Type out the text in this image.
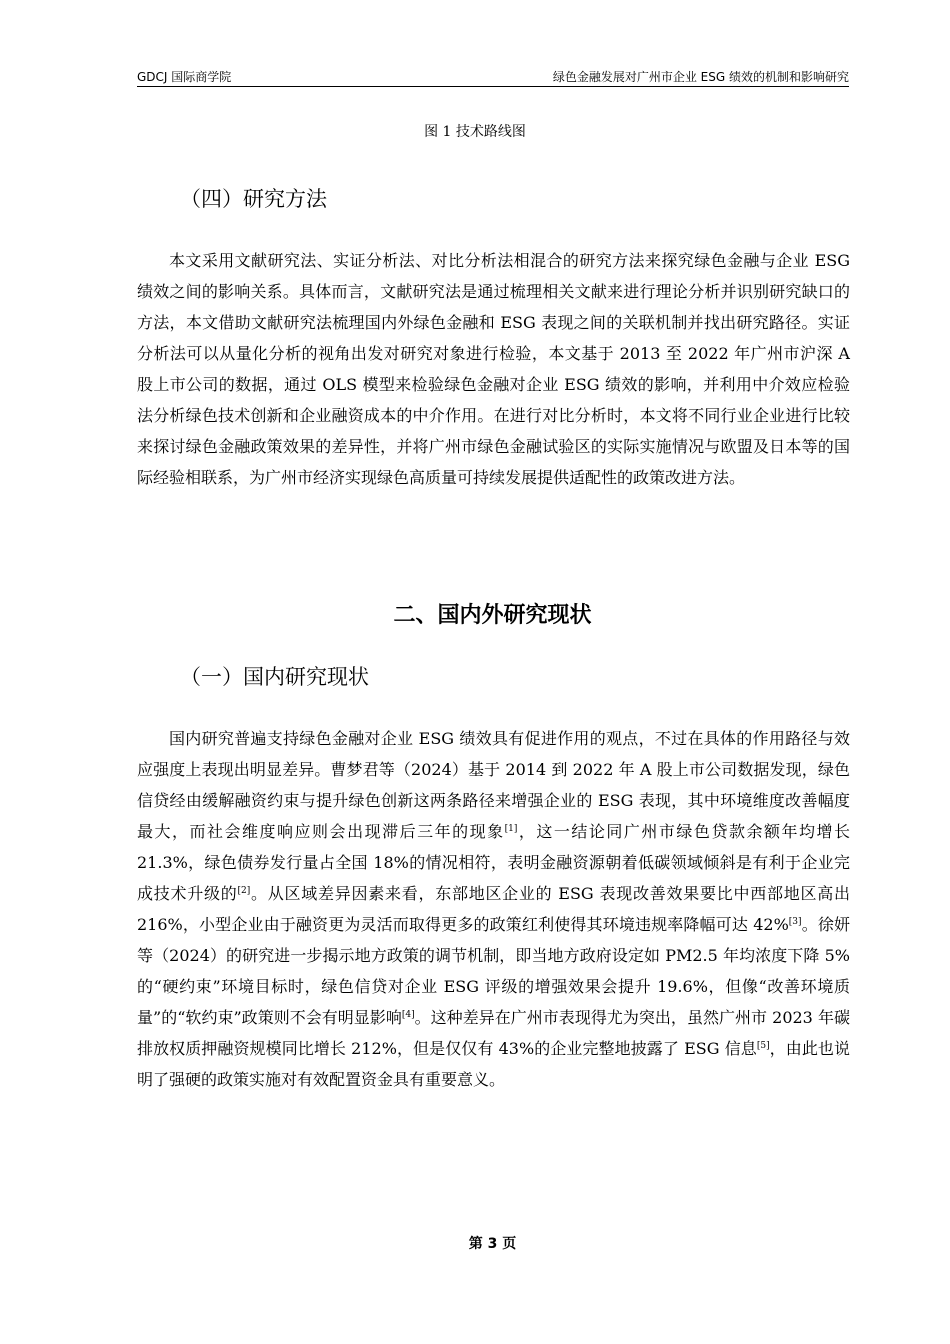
GDCJ 国际商学院	绿色金融发展对广州市企业 ESG 绩效的机制和影响研究
图 1 技术路线图
（四）研究方法
本文采用文献研究法、实证分析法、对比分析法相混合的研究方法来探究绿色金融与企业 ESG 绩效之间的影响关系。具体而言，文献研究法是通过梳理相关文献来进行理论分析并识别研究缺口的方法，本文借助文献研究法梳理国内外绿色金融和 ESG 表现之间的关联机制并找出研究路径。实证分析法可以从量化分析的视角出发对研究对象进行检验，本文基于 2013 至 2022 年广州市沪深 A 股上市公司的数据，通过 OLS 模型来检验绿色金融对企业 ESG 绩效的影响，并利用中介效应检验法分析绿色技术创新和企业融资成本的中介作用。在进行对比分析时，本文将不同行业企业进行比较来探讨绿色金融政策效果的差异性，并将广州市绿色金融试验区的实际实施情况与欧盟及日本等的国际经验相联系，为广州市经济实现绿色高质量可持续发展提供适配性的政策改进方法。
二、国内外研究现状
（一）国内研究现状
国内研究普遍支持绿色金融对企业 ESG 绩效具有促进作用的观点，不过在具体的作用路径与效应强度上表现出明显差异。曹梦君等（2024）基于 2014 到 2022 年 A 股上市公司数据发现，绿色信贷经由缓解融资约束与提升绿色创新这两条路径来增强企业的 ESG 表现，其中环境维度改善幅度最大，而社会维度响应则会出现滞后三年的现象[1]，这一结论同广州市绿色贷款余额年均增长 21.3%，绿色债券发行量占全国 18%的情况相符，表明金融资源朝着低碳领域倾斜是有利于企业完成技术升级的[2]。从区域差异因素来看，东部地区企业的 ESG 表现改善效果要比中西部地区高出 216%，小型企业由于融资更为灵活而取得更多的政策红利使得其环境违规率降幅可达 42%[3]。徐妍等（2024）的研究进一步揭示地方政策的调节机制，即当地方政府设定如 PM2.5 年均浓度下降 5%的“硬约束”环境目标时，绿色信贷对企业 ESG 评级的增强效果会提升 19.6%，但像“改善环境质量”的“软约束”政策则不会有明显影响[4]。这种差异在广州市表现得尤为突出，虽然广州市 2023 年碳排放权质押融资规模同比增长 212%，但是仅仅有 43%的企业完整地披露了 ESG 信息[5]，由此也说明了强硬的政策实施对有效配置资金具有重要意义。
第 3 页
